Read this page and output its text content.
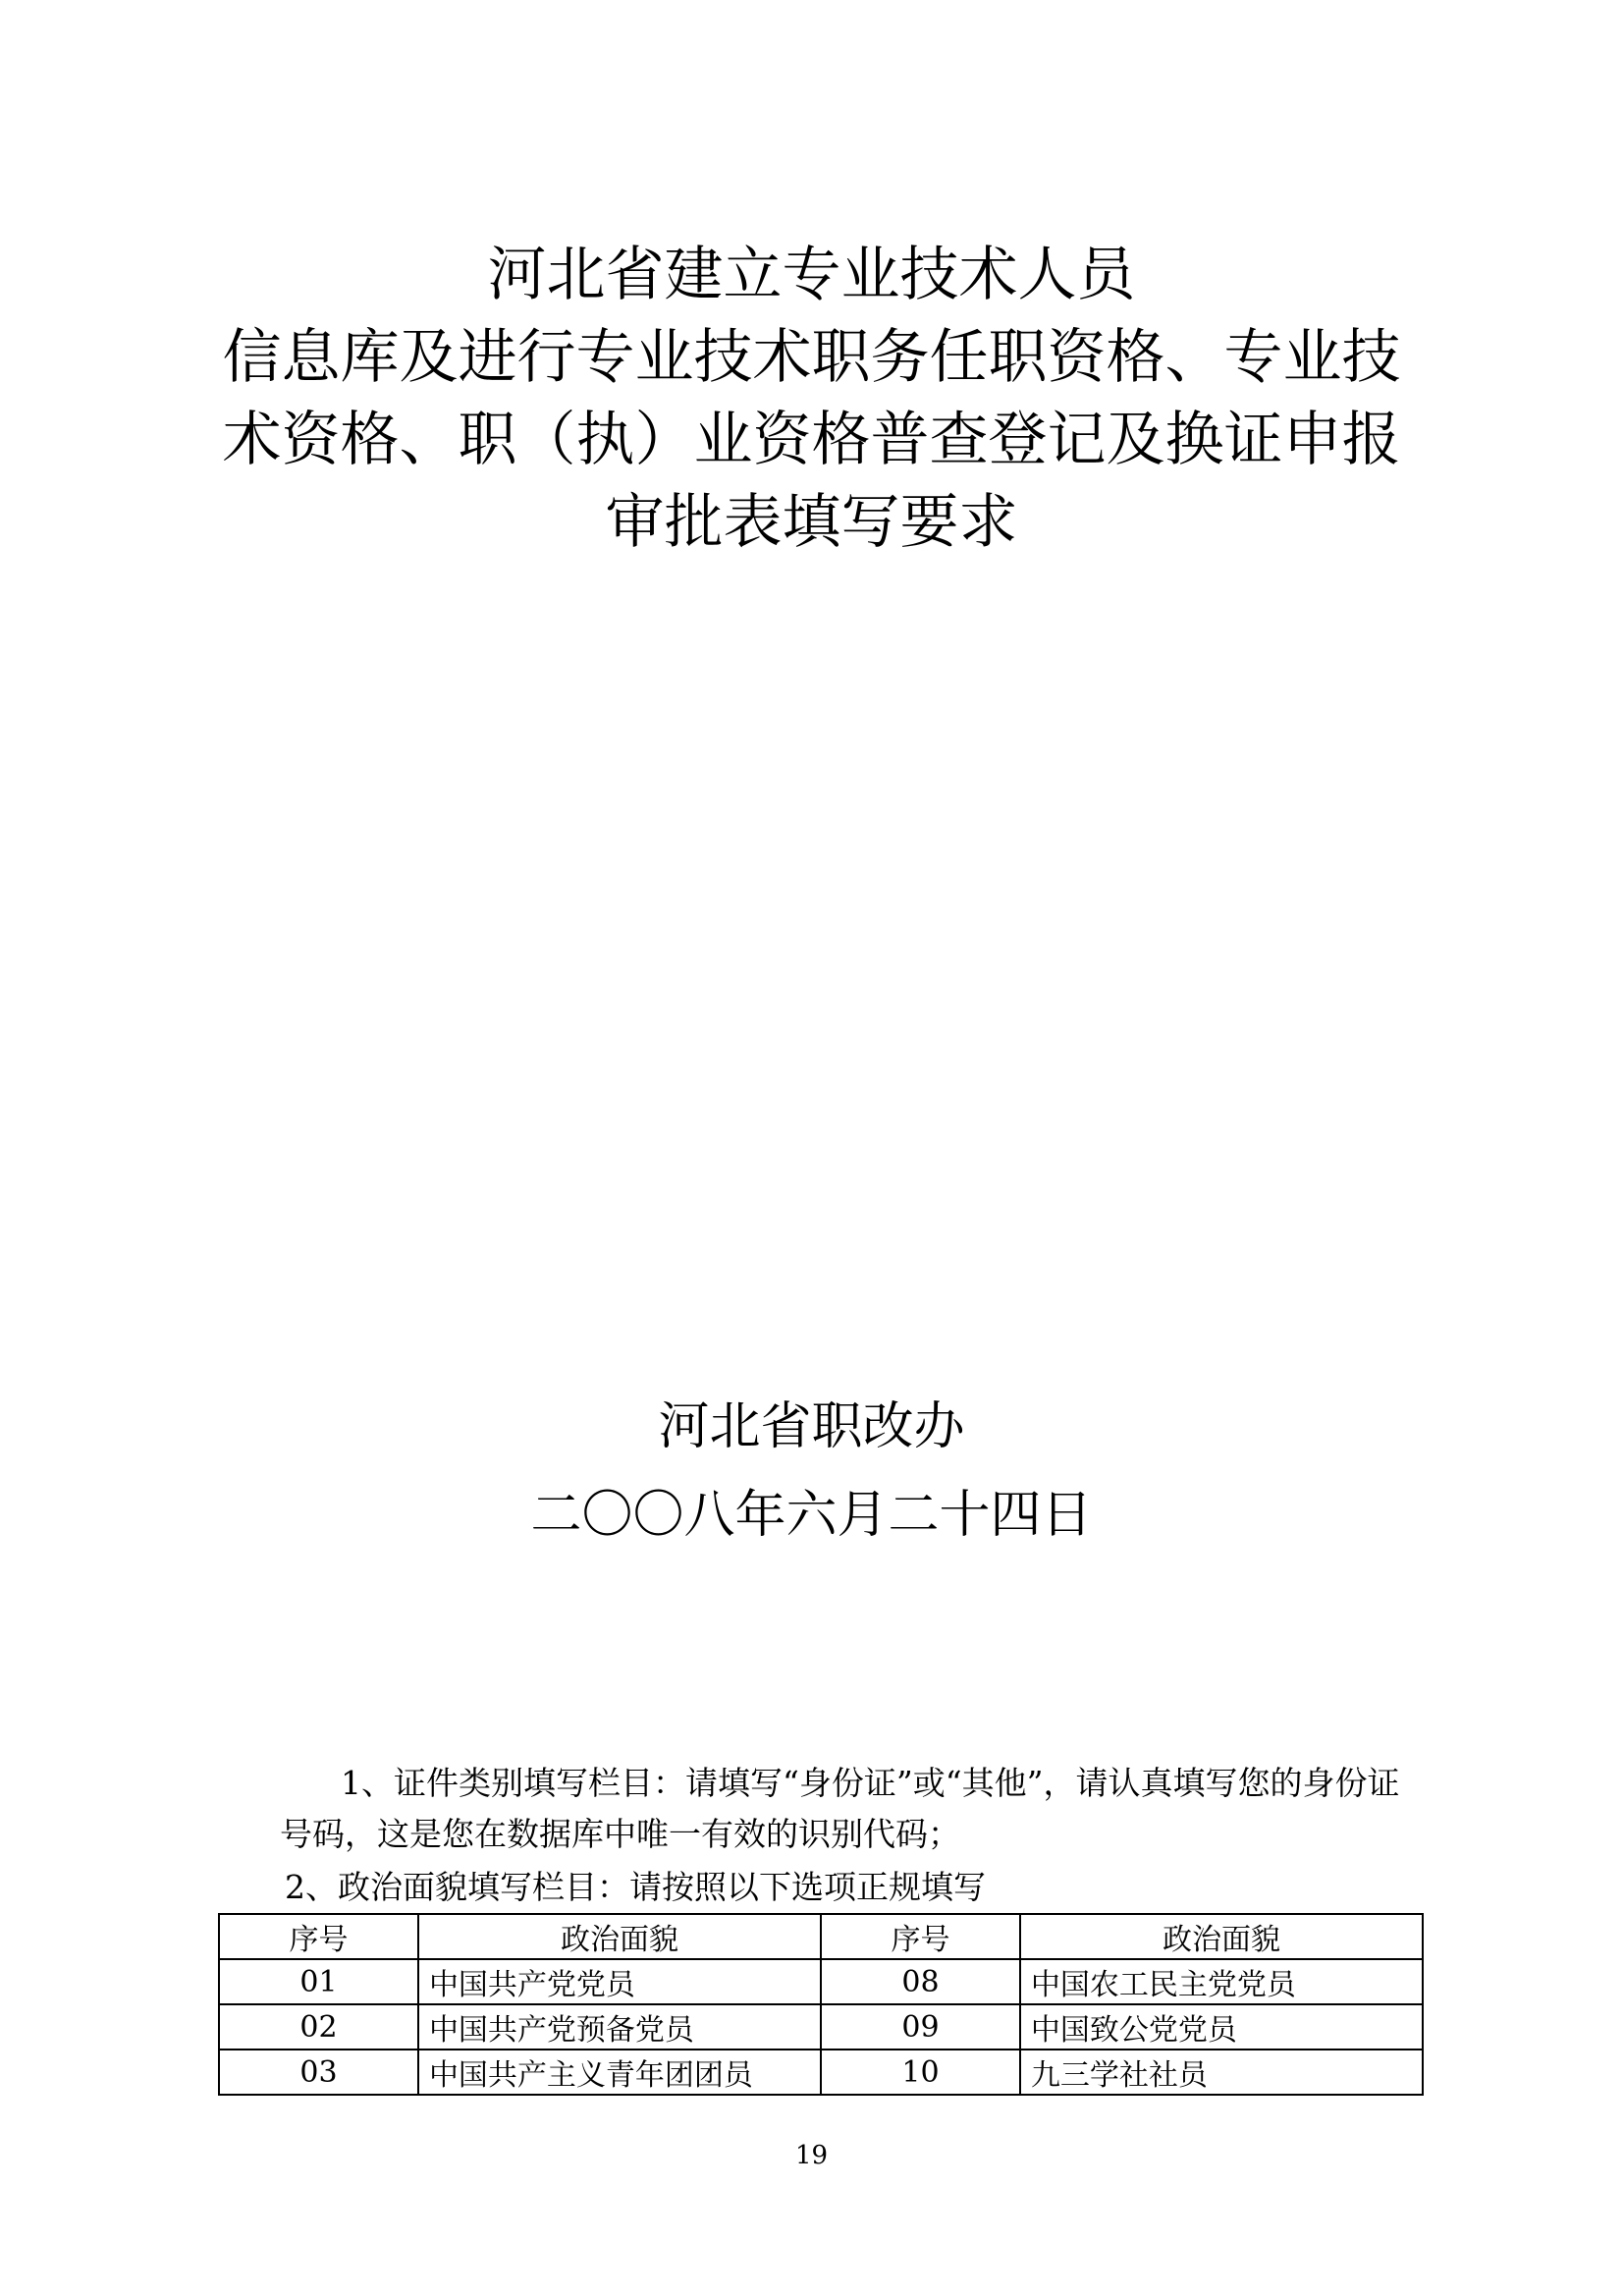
河北省建立专业技术人员
信息库及进行专业技术职务任职资格、专业技
术资格、职（执）业资格普查登记及换证申报
审批表填写要求
河北省职改办
二〇〇八年六月二十四日
1、证件类别填写栏目：请填写“身份证”或“其他”，请认真填写您的身份证
号码，这是您在数据库中唯一有效的识别代码；
2、政治面貌填写栏目：请按照以下选项正规填写
序号	政治面貌	序号	政治面貌
01	中国共产党党员	08	中国农工民主党党员
02	中国共产党预备党员	09	中国致公党党员
03	中国共产主义青年团团员	10	九三学社社员
19
